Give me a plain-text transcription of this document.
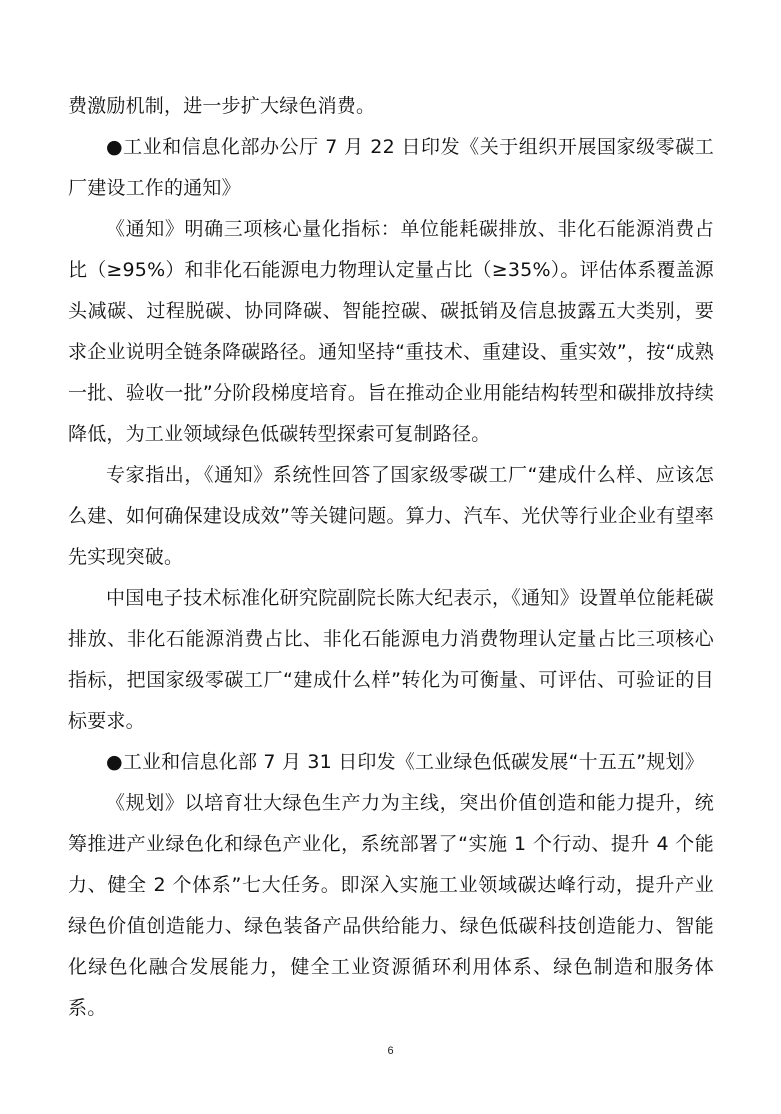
费激励机制，进一步扩大绿色消费。

●工业和信息化部办公厅 7 月 22 日印发《关于组织开展国家级零碳工厂建设工作的通知》

《通知》明确三项核心量化指标：单位能耗碳排放、非化石能源消费占比（≥95%）和非化石能源电力物理认定量占比（≥35%）。评估体系覆盖源头减碳、过程脱碳、协同降碳、智能控碳、碳抵销及信息披露五大类别，要求企业说明全链条降碳路径。通知坚持“重技术、重建设、重实效”，按“成熟一批、验收一批”分阶段梯度培育。旨在推动企业用能结构转型和碳排放持续降低，为工业领域绿色低碳转型探索可复制路径。

专家指出，《通知》系统性回答了国家级零碳工厂“建成什么样、应该怎么建、如何确保建设成效”等关键问题。算力、汽车、光伏等行业企业有望率先实现突破。

中国电子技术标准化研究院副院长陈大纪表示，《通知》设置单位能耗碳排放、非化石能源消费占比、非化石能源电力消费物理认定量占比三项核心指标，把国家级零碳工厂“建成什么样”转化为可衡量、可评估、可验证的目标要求。

●工业和信息化部 7 月 31 日印发《工业绿色低碳发展“十五五”规划》

《规划》以培育壮大绿色生产力为主线，突出价值创造和能力提升，统筹推进产业绿色化和绿色产业化，系统部署了“实施 1 个行动、提升 4 个能力、健全 2 个体系”七大任务。即深入实施工业领域碳达峰行动，提升产业绿色价值创造能力、绿色装备产品供给能力、绿色低碳科技创造能力、智能化绿色化融合发展能力，健全工业资源循环利用体系、绿色制造和服务体系。

6
